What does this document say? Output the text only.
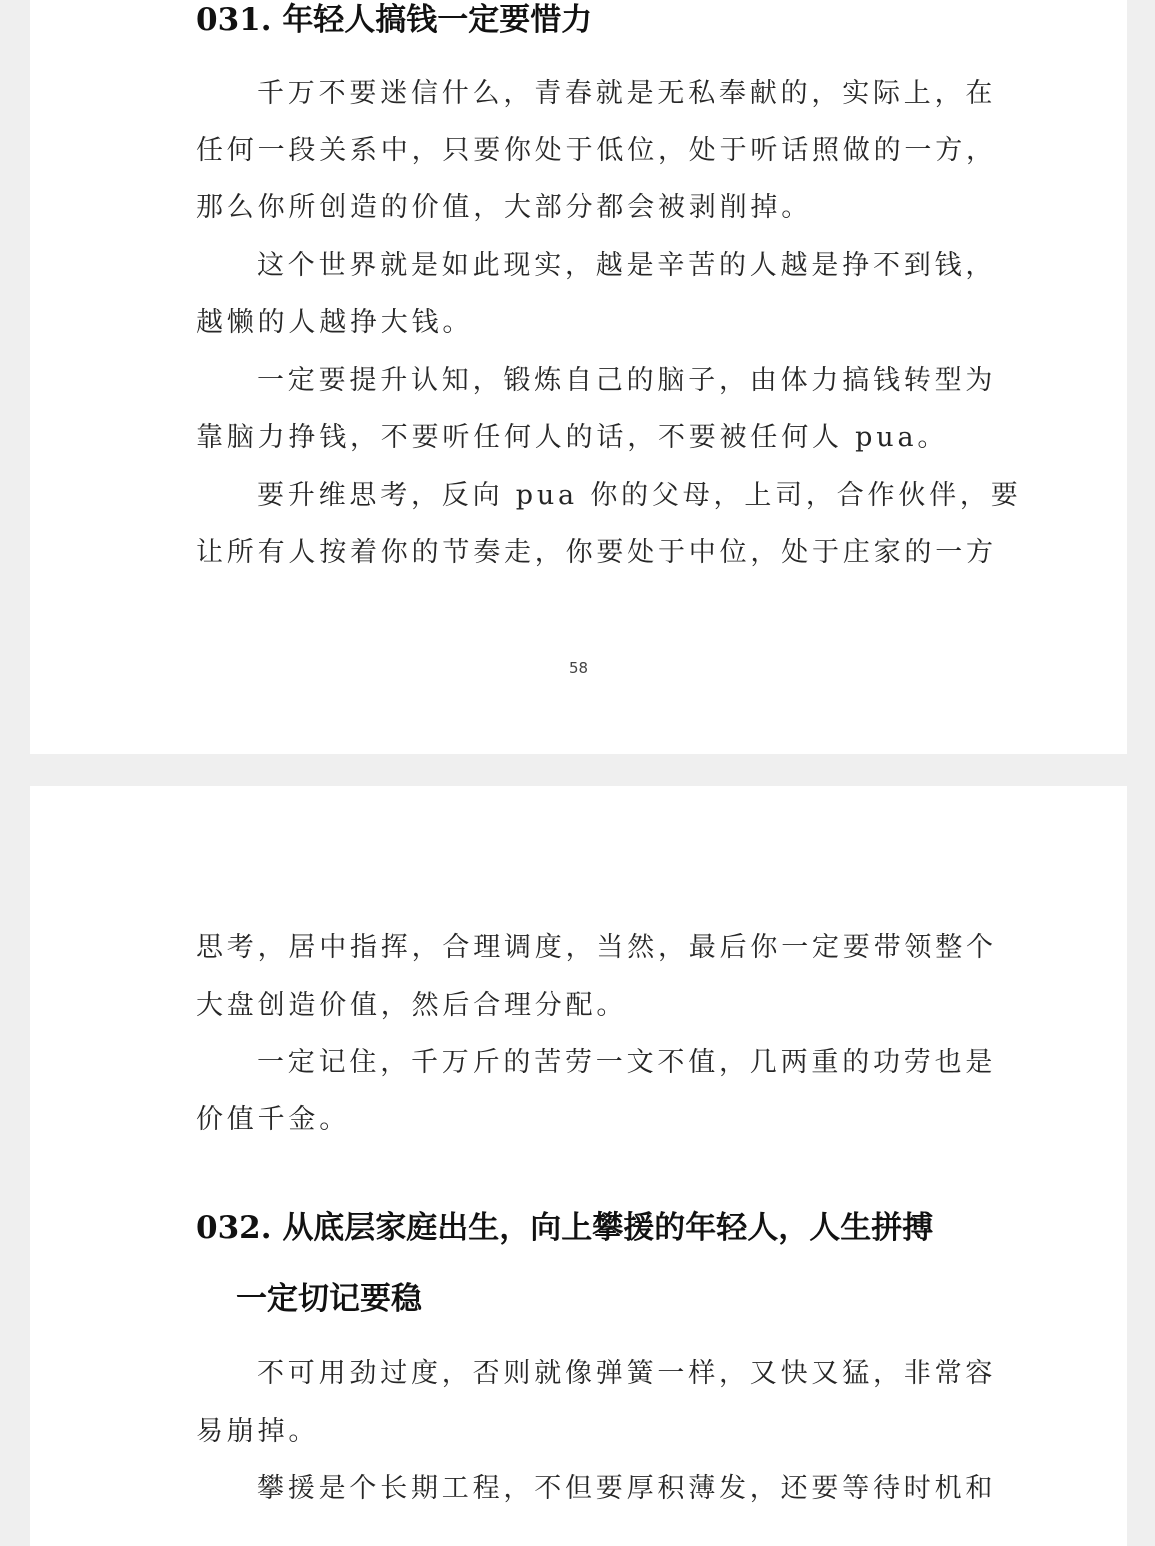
031. 年轻人搞钱一定要惜力
千万不要迷信什么，青春就是无私奉献的，实际上，在
任何一段关系中，只要你处于低位，处于听话照做的一方，
那么你所创造的价值，大部分都会被剥削掉。
这个世界就是如此现实，越是辛苦的人越是挣不到钱，
越懒的人越挣大钱。
一定要提升认知，锻炼自己的脑子，由体力搞钱转型为
靠脑力挣钱，不要听任何人的话，不要被任何人 pua。
要升维思考，反向 pua 你的父母，上司，合作伙伴，要
让所有人按着你的节奏走，你要处于中位，处于庄家的一方
58
思考，居中指挥，合理调度，当然，最后你一定要带领整个
大盘创造价值，然后合理分配。
一定记住，千万斤的苦劳一文不值，几两重的功劳也是
价值千金。
032. 从底层家庭出生，向上攀援的年轻人，人生拼搏
一定切记要稳
不可用劲过度，否则就像弹簧一样，又快又猛，非常容
易崩掉。
攀援是个长期工程，不但要厚积薄发，还要等待时机和
